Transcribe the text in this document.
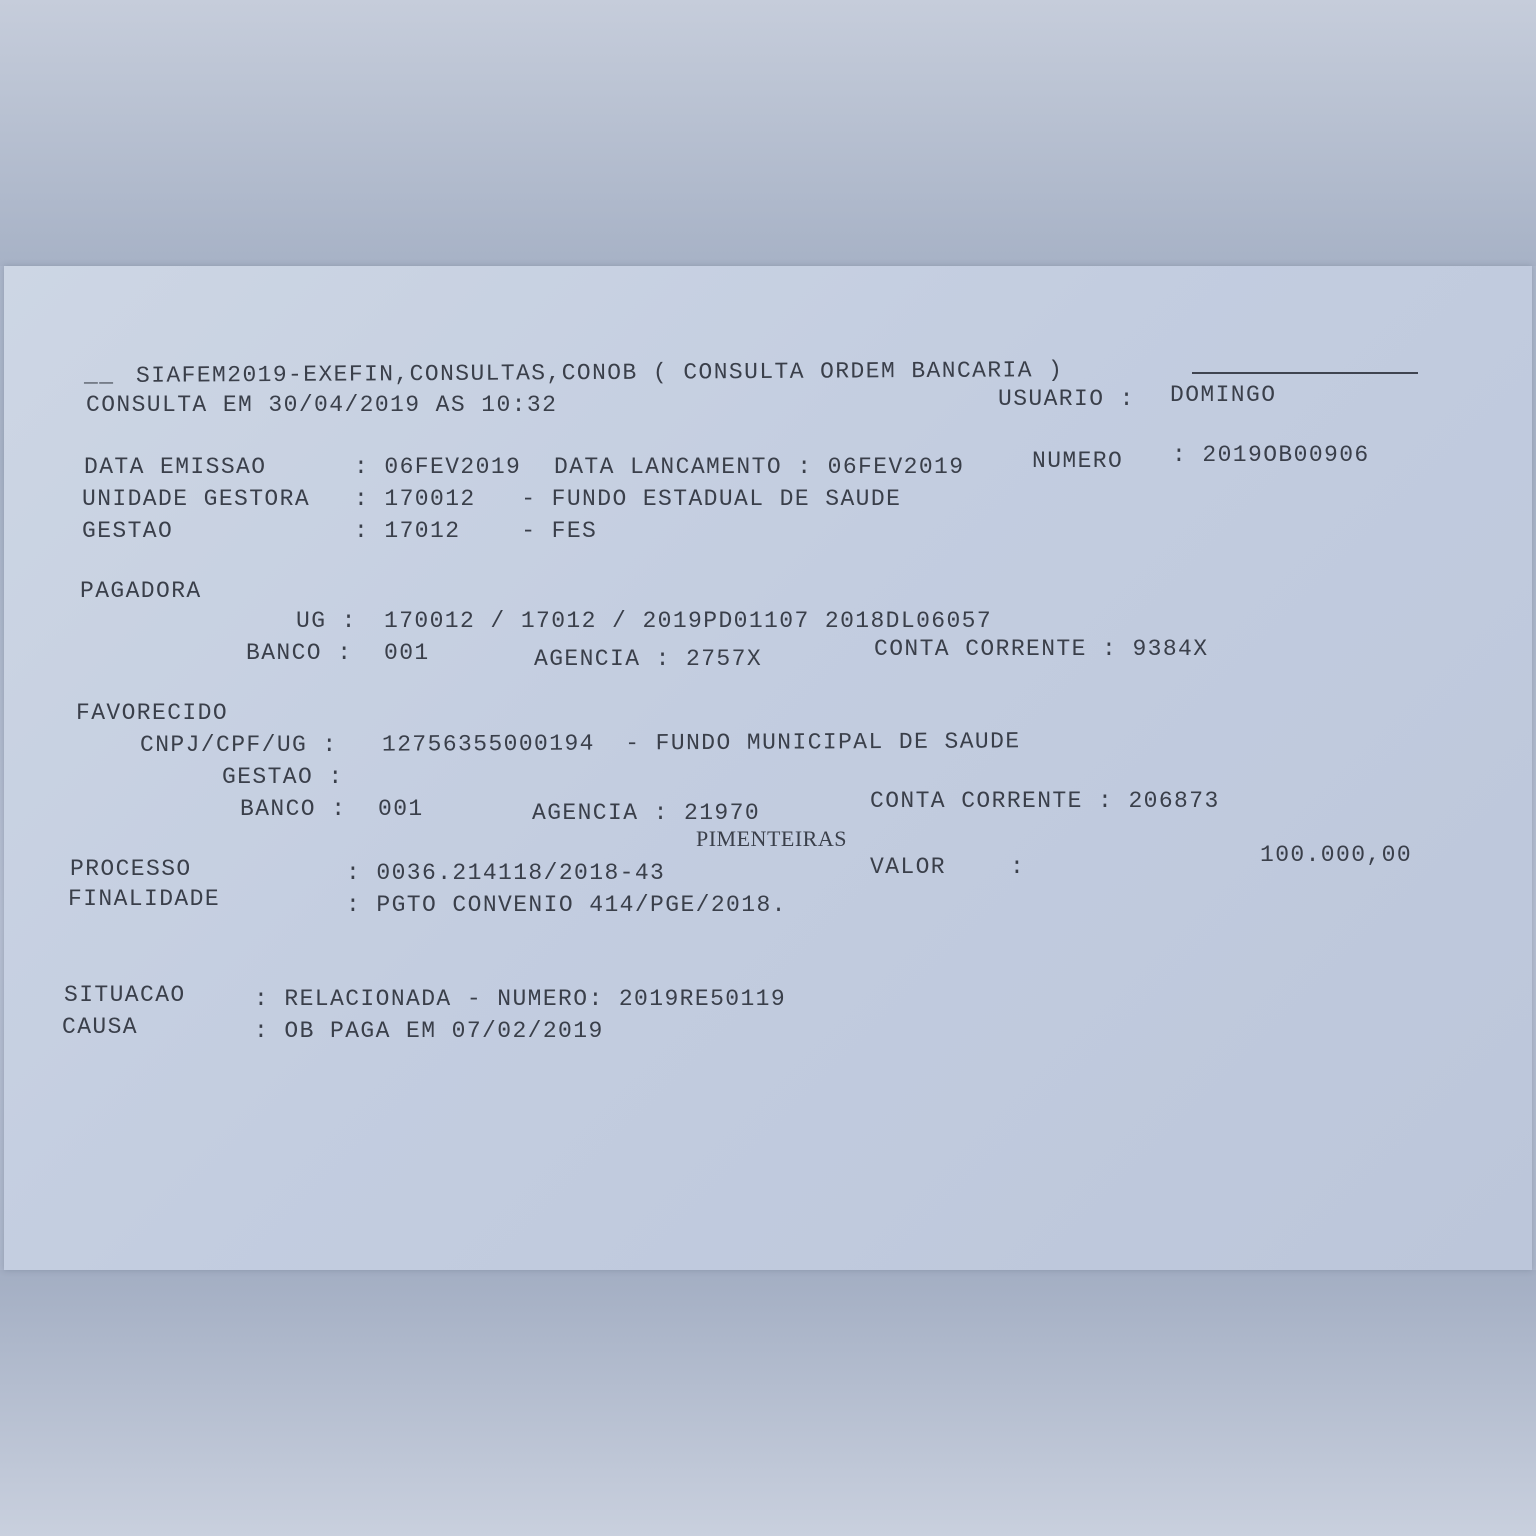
__ SIAFEM2019-EXEFIN,CONSULTAS,CONOB ( CONSULTA ORDEM BANCARIA )
CONSULTA EM 30/04/2019 AS 10:32	USUARIO : DOMINGO
DATA EMISSAO	: 06FEV2019 DATA LANCAMENTO : 06FEV2019	NUMERO : 2019OB00906
UNIDADE GESTORA : 170012   - FUNDO ESTADUAL DE SAUDE
GESTAO	: 17012    - FES
PAGADORA
UG : 170012 / 17012 / 2019PD01107 2018DL06057
BANCO : 001	AGENCIA : 2757X	CONTA CORRENTE : 9384X
FAVORECIDO
CNPJ/CPF/UG : 12756355000194  - FUNDO MUNICIPAL DE SAUDE
GESTAO :
BANCO : 001	AGENCIA : 21970	CONTA CORRENTE : 206873
PIMENTEIRAS
PROCESSO	: 0036.214118/2018-43	VALOR	:	100.000,00
FINALIDADE	: PGTO CONVENIO 414/PGE/2018.
SITUACAO	: RELACIONADA - NUMERO: 2019RE50119
CAUSA	: OB PAGA EM 07/02/2019
